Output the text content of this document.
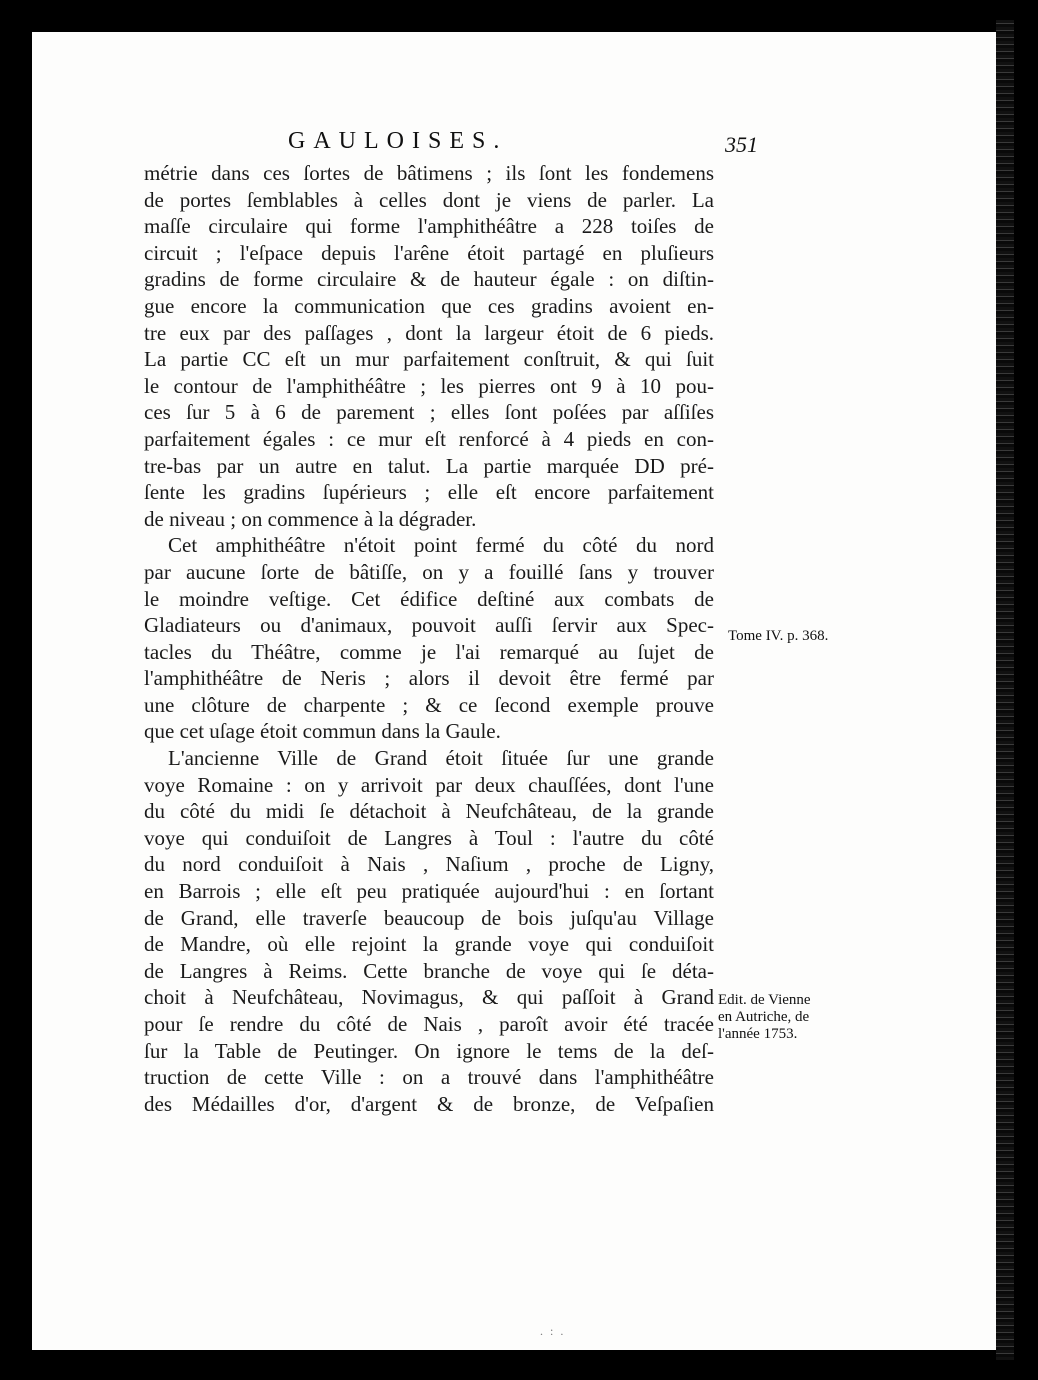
GAULOISES.	351
métrie dans ces ſortes de bâtimens ; ils ſont les fondemens
de portes ſemblables à celles dont je viens de parler. La
maſſe circulaire qui forme l'amphithéâtre a 228 toiſes de
circuit ; l'eſpace depuis l'arêne étoit partagé en pluſieurs
gradins de forme circulaire & de hauteur égale : on diſtin-
gue encore la communication que ces gradins avoient en-
tre eux par des paſſages , dont la largeur étoit de 6 pieds.
La partie CC eſt un mur parfaitement conſtruit, & qui ſuit
le contour de l'amphithéâtre ; les pierres ont 9 à 10 pou-
ces ſur 5 à 6 de parement ; elles ſont poſées par aſſiſes
parfaitement égales : ce mur eſt renforcé à 4 pieds en con-
tre-bas par un autre en talut. La partie marquée DD pré-
ſente les gradins ſupérieurs ; elle eſt encore parfaitement
de niveau ; on commence à la dégrader.
Cet amphithéâtre n'étoit point fermé du côté du nord
par aucune ſorte de bâtiſſe, on y a fouillé ſans y trouver
le moindre veſtige. Cet édifice deſtiné aux combats de
Gladiateurs ou d'animaux, pouvoit auſſi ſervir aux Spec-
tacles du Théâtre, comme je l'ai remarqué au ſujet de
l'amphithéâtre de Neris ; alors il devoit être fermé par
une clôture de charpente ; & ce ſecond exemple prouve
que cet uſage étoit commun dans la Gaule.
L'ancienne Ville de Grand étoit ſituée ſur une grande
voye Romaine : on y arrivoit par deux chauſſées, dont l'une
du côté du midi ſe détachoit à Neufchâteau, de la grande
voye qui conduiſoit de Langres à Toul : l'autre du côté
du nord conduiſoit à Nais , Naſium , proche de Ligny,
en Barrois ; elle eſt peu pratiquée aujourd'hui : en ſortant
de Grand, elle traverſe beaucoup de bois juſqu'au Village
de Mandre, où elle rejoint la grande voye qui conduiſoit
de Langres à Reims. Cette branche de voye qui ſe déta-
choit à Neufchâteau, Novimagus, & qui paſſoit à Grand
pour ſe rendre du côté de Nais , paroît avoir été tracée
ſur la Table de Peutinger. On ignore le tems de la deſ-
truction de cette Ville : on a trouvé dans l'amphithéâtre
des Médailles d'or, d'argent & de bronze, de Veſpaſien
Tome IV. p. 368.
Edit. de Vienne
en Autriche, de
l'année 1753.
. : .
